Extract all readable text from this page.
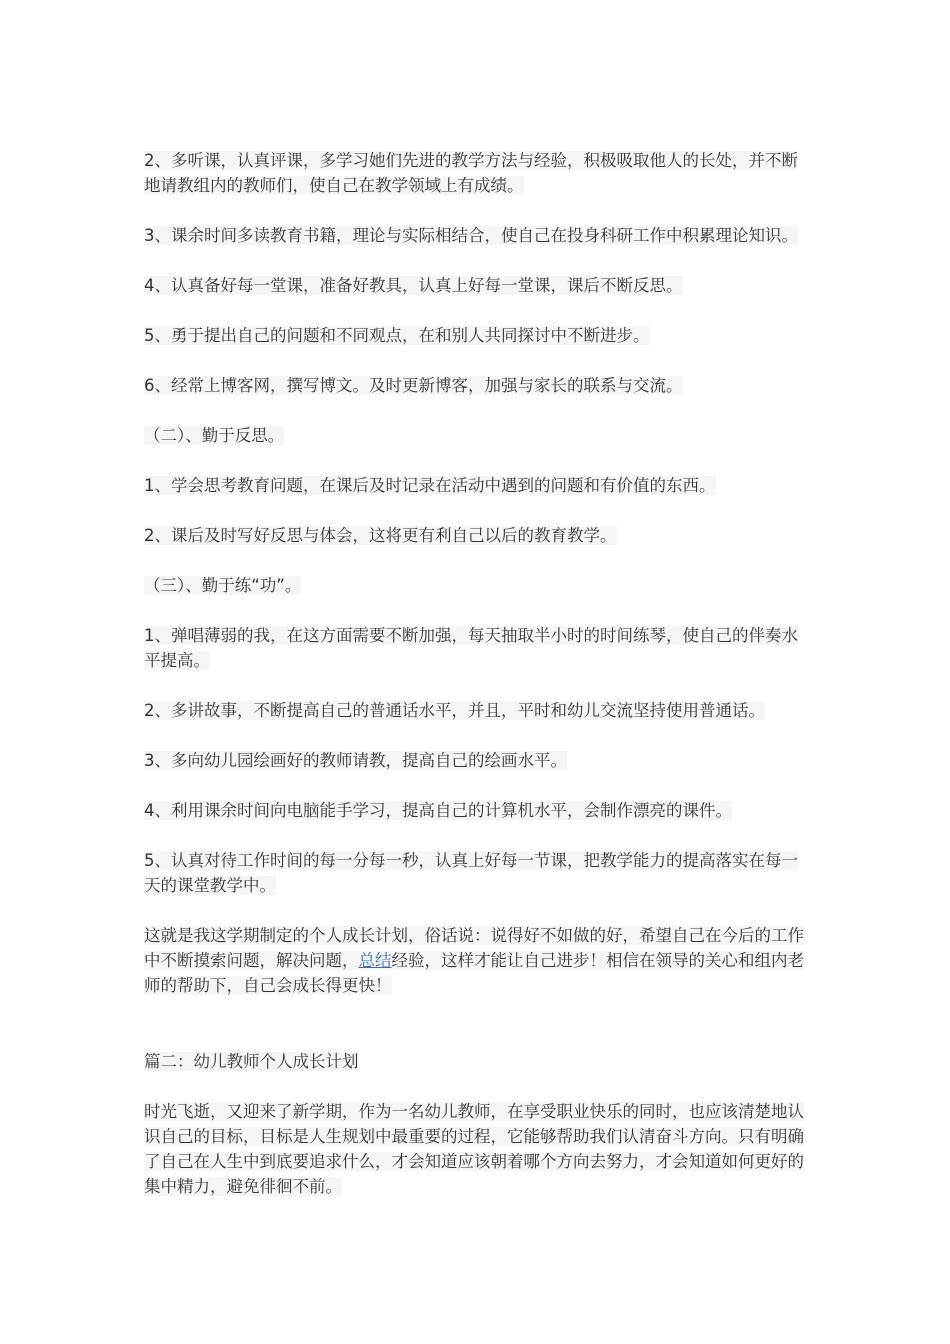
2、多听课，认真评课，多学习她们先进的教学方法与经验，积极吸取他人的长处，并不断地请教组内的教师们，使自己在教学领域上有成绩。

3、课余时间多读教育书籍，理论与实际相结合，使自己在投身科研工作中积累理论知识。

4、认真备好每一堂课，准备好教具，认真上好每一堂课，课后不断反思。

5、勇于提出自己的问题和不同观点，在和别人共同探讨中不断进步。

6、经常上博客网，撰写博文。及时更新博客，加强与家长的联系与交流。

（二）、勤于反思。

1、学会思考教育问题，在课后及时记录在活动中遇到的问题和有价值的东西。

2、课后及时写好反思与体会，这将更有利自己以后的教育教学。

（三）、勤于练“功”。

1、弹唱薄弱的我，在这方面需要不断加强，每天抽取半小时的时间练琴，使自己的伴奏水平提高。

2、多讲故事，不断提高自己的普通话水平，并且，平时和幼儿交流坚持使用普通话。

3、多向幼儿园绘画好的教师请教，提高自己的绘画水平。

4、利用课余时间向电脑能手学习，提高自己的计算机水平，会制作漂亮的课件。

5、认真对待工作时间的每一分每一秒，认真上好每一节课，把教学能力的提高落实在每一天的课堂教学中。

这就是我这学期制定的个人成长计划，俗话说：说得好不如做的好，希望自己在今后的工作中不断摸索问题，解决问题，总结经验，这样才能让自己进步！相信在领导的关心和组内老师的帮助下，自己会成长得更快！

篇二：幼儿教师个人成长计划

时光飞逝，又迎来了新学期，作为一名幼儿教师，在享受职业快乐的同时，也应该清楚地认识自己的目标，目标是人生规划中最重要的过程，它能够帮助我们认清奋斗方向。只有明确了自己在人生中到底要追求什么，才会知道应该朝着哪个方向去努力，才会知道如何更好的集中精力，避免徘徊不前。
